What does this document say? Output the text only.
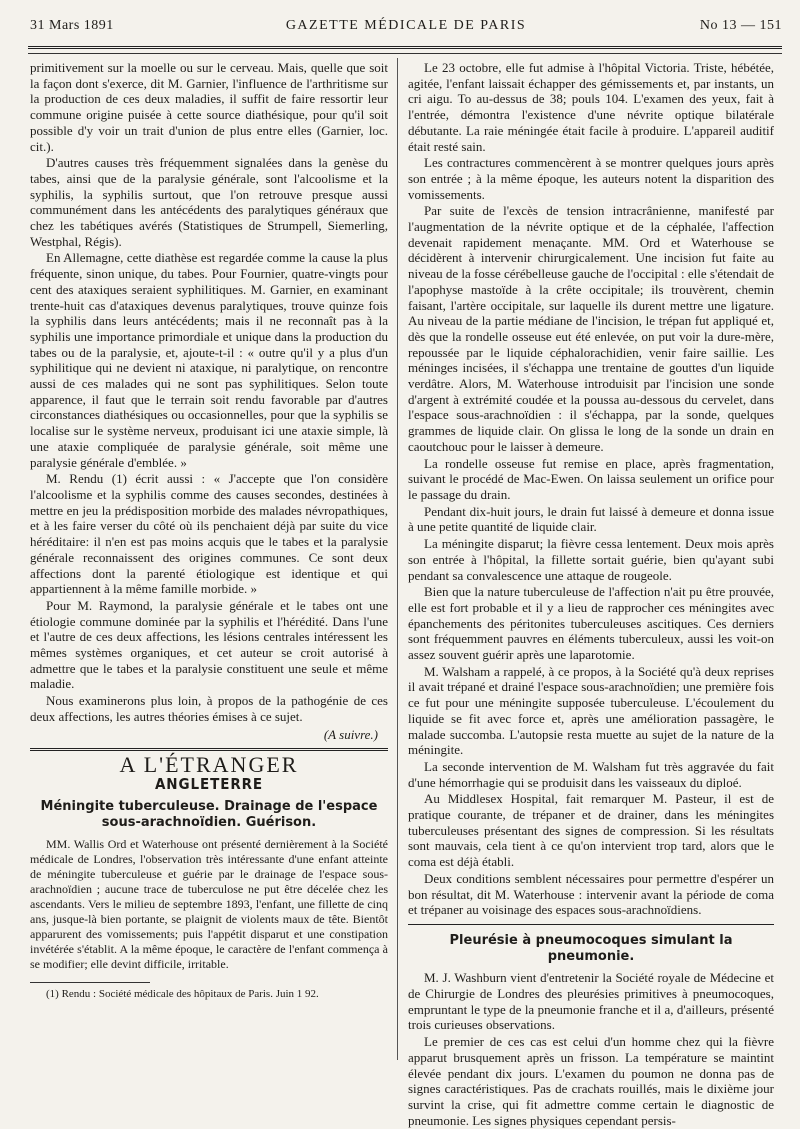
31 Mars 1891	GAZETTE MÉDICALE DE PARIS	No 13 — 151

primitivement sur la moelle ou sur le cerveau. Mais, quelle que soit la façon dont s'exerce, dit M. Garnier, l'influence de l'arthritisme sur la production de ces deux maladies, il suffit de faire ressortir leur commune origine puisée à cette source diathésique, pour qu'il soit possible d'y voir un trait d'union de plus entre elles (Garnier, loc. cit.).

D'autres causes très fréquemment signalées dans la genèse du tabes, ainsi que de la paralysie générale, sont l'alcoolisme et la syphilis, la syphilis surtout, que l'on retrouve presque aussi communément dans les antécédents des paralytiques généraux que chez les tabétiques avérés (Statistiques de Strumpell, Siemerling, Westphal, Régis).

En Allemagne, cette diathèse est regardée comme la cause la plus fréquente, sinon unique, du tabes. Pour Fournier, quatre-vingts pour cent des ataxiques seraient syphilitiques. M. Garnier, en examinant trente-huit cas d'ataxiques devenus paralytiques, trouve quinze fois la syphilis dans leurs antécédents; mais il ne reconnaît pas à la syphilis une importance primordiale et unique dans la production du tabes ou de la paralysie, et, ajoute-t-il : « outre qu'il y a plus d'un syphilitique qui ne devient ni ataxique, ni paralytique, on rencontre aussi de ces malades qui ne sont pas syphilitiques. Selon toute apparence, il faut que le terrain soit rendu favorable par d'autres circonstances diathésiques ou occasionnelles, pour que la syphilis se localise sur le système nerveux, produisant ici une ataxie simple, là une ataxie compliquée de paralysie générale, soit même une paralysie générale d'emblée. »

M. Rendu (1) écrit aussi : « J'accepte que l'on considère l'alcoolisme et la syphilis comme des causes secondes, destinées à mettre en jeu la prédisposition morbide des malades névropathiques, et à les faire verser du côté où ils penchaient déjà par suite du vice héréditaire: il n'en est pas moins acquis que le tabes et la paralysie générale reconnaissent des origines communes. Ce sont deux affections dont la parenté étiologique est identique et qui appartiennent à la même famille morbide. »

Pour M. Raymond, la paralysie générale et le tabes ont une étiologie commune dominée par la syphilis et l'hérédité. Dans l'une et l'autre de ces deux affections, les lésions centrales intéressent les mêmes systèmes organiques, et cet auteur se croit autorisé à admettre que le tabes et la paralysie constituent une seule et même maladie.

Nous examinerons plus loin, à propos de la pathogénie de ces deux affections, les autres théories émises à ce sujet.

(A suivre.)
A L'ÉTRANGER
ANGLETERRE
Méningite tuberculeuse. Drainage de l'espace sous-arachnoïdien. Guérison.

MM. Wallis Ord et Waterhouse ont présenté dernièrement à la Société médicale de Londres, l'observation très intéressante d'une enfant atteinte de méningite tuberculeuse et guérie par le drainage de l'espace sous-arachnoïdien ; aucune trace de tuberculose ne put être décelée chez les ascendants. Vers le milieu de septembre 1893, l'enfant, une fillette de cinq ans, jusque-là bien portante, se plaignit de violents maux de tête. Bientôt apparurent des vomissements; puis l'appétit disparut et une constipation invétérée s'établit. A la même époque, le caractère de l'enfant commença à se modifier; elle devint difficile, irritable.

(1) Rendu : Société médicale des hôpitaux de Paris. Juin 1 92.

Le 23 octobre, elle fut admise à l'hôpital Victoria. Triste, hébétée, agitée, l'enfant laissait échapper des gémissements et, par instants, un cri aigu. To au-dessus de 38; pouls 104. L'examen des yeux, fait à l'entrée, démontra l'existence d'une névrite optique bilatérale débutante. La raie méningée était facile à produire. L'appareil auditif était resté sain.

Les contractures commencèrent à se montrer quelques jours après son entrée ; à la même époque, les auteurs notent la disparition des vomissements.

Par suite de l'excès de tension intracrânienne, manifesté par l'augmentation de la névrite optique et de la céphalée, l'affection devenait rapidement menaçante. MM. Ord et Waterhouse se décidèrent à intervenir chirurgicalement. Une incision fut faite au niveau de la fosse cérébelleuse gauche de l'occipital : elle s'étendait de l'apophyse mastoïde à la crête occipitale; ils trouvèrent, chemin faisant, l'artère occipitale, sur laquelle ils durent mettre une ligature. Au niveau de la partie médiane de l'incision, le trépan fut appliqué et, dès que la rondelle osseuse eut été enlevée, on put voir la dure-mère, repoussée par le liquide céphalorachidien, venir faire saillie. Les méninges incisées, il s'échappa une trentaine de gouttes d'un liquide verdâtre. Alors, M. Waterhouse introduisit par l'incision une sonde d'argent à extrémité coudée et la poussa au-dessous du cervelet, dans l'espace sous-arachnoïdien : il s'échappa, par la sonde, quelques grammes de liquide clair. On glissa le long de la sonde un drain en caoutchouc pour le laisser à demeure.

La rondelle osseuse fut remise en place, après fragmentation, suivant le procédé de Mac-Ewen. On laissa seulement un orifice pour le passage du drain.

Pendant dix-huit jours, le drain fut laissé à demeure et donna issue à une petite quantité de liquide clair.

La méningite disparut; la fièvre cessa lentement. Deux mois après son entrée à l'hôpital, la fillette sortait guérie, bien qu'ayant subi pendant sa convalescence une attaque de rougeole.

Bien que la nature tuberculeuse de l'affection n'ait pu être prouvée, elle est fort probable et il y a lieu de rapprocher ces méningites avec épanchements des péritonites tuberculeuses ascitiques. Ces derniers sont fréquemment pauvres en éléments tuberculeux, aussi les voit-on assez souvent guérir après une laparotomie.

M. Walsham a rappelé, à ce propos, à la Société qu'à deux reprises il avait trépané et drainé l'espace sous-arachnoïdien; une première fois ce fut pour une méningite supposée tuberculeuse. L'écoulement du liquide se fit avec force et, après une amélioration passagère, le malade succomba. L'autopsie resta muette au sujet de la nature de la méningite.

La seconde intervention de M. Walsham fut très aggravée du fait d'une hémorrhagie qui se produisit dans les vaisseaux du diploé.

Au Middlesex Hospital, fait remarquer M. Pasteur, il est de pratique courante, de trépaner et de drainer, dans les méningites tuberculeuses présentant des signes de compression. Si les résultats sont mauvais, cela tient à ce qu'on intervient trop tard, alors que le coma est déjà établi.

Deux conditions semblent nécessaires pour permettre d'espérer un bon résultat, dit M. Waterhouse : intervenir avant la période de coma et trépaner au voisinage des espaces sous-arachnoïdiens.

Pleurésie à pneumocoques simulant la pneumonie.

M. J. Washburn vient d'entretenir la Société royale de Médecine et de Chirurgie de Londres des pleurésies primitives à pneumocoques, empruntant le type de la pneumonie franche et il a, d'ailleurs, présenté trois curieuses observations.

Le premier de ces cas est celui d'un homme chez qui la fièvre apparut brusquement après un frisson. La température se maintint élevée pendant dix jours. L'examen du poumon ne donna pas de signes caractéristiques. Pas de crachats rouillés, mais le dixième jour survint la crise, qui fit admettre comme certain le diagnostic de pneumonie. Les signes physiques cependant persis-
